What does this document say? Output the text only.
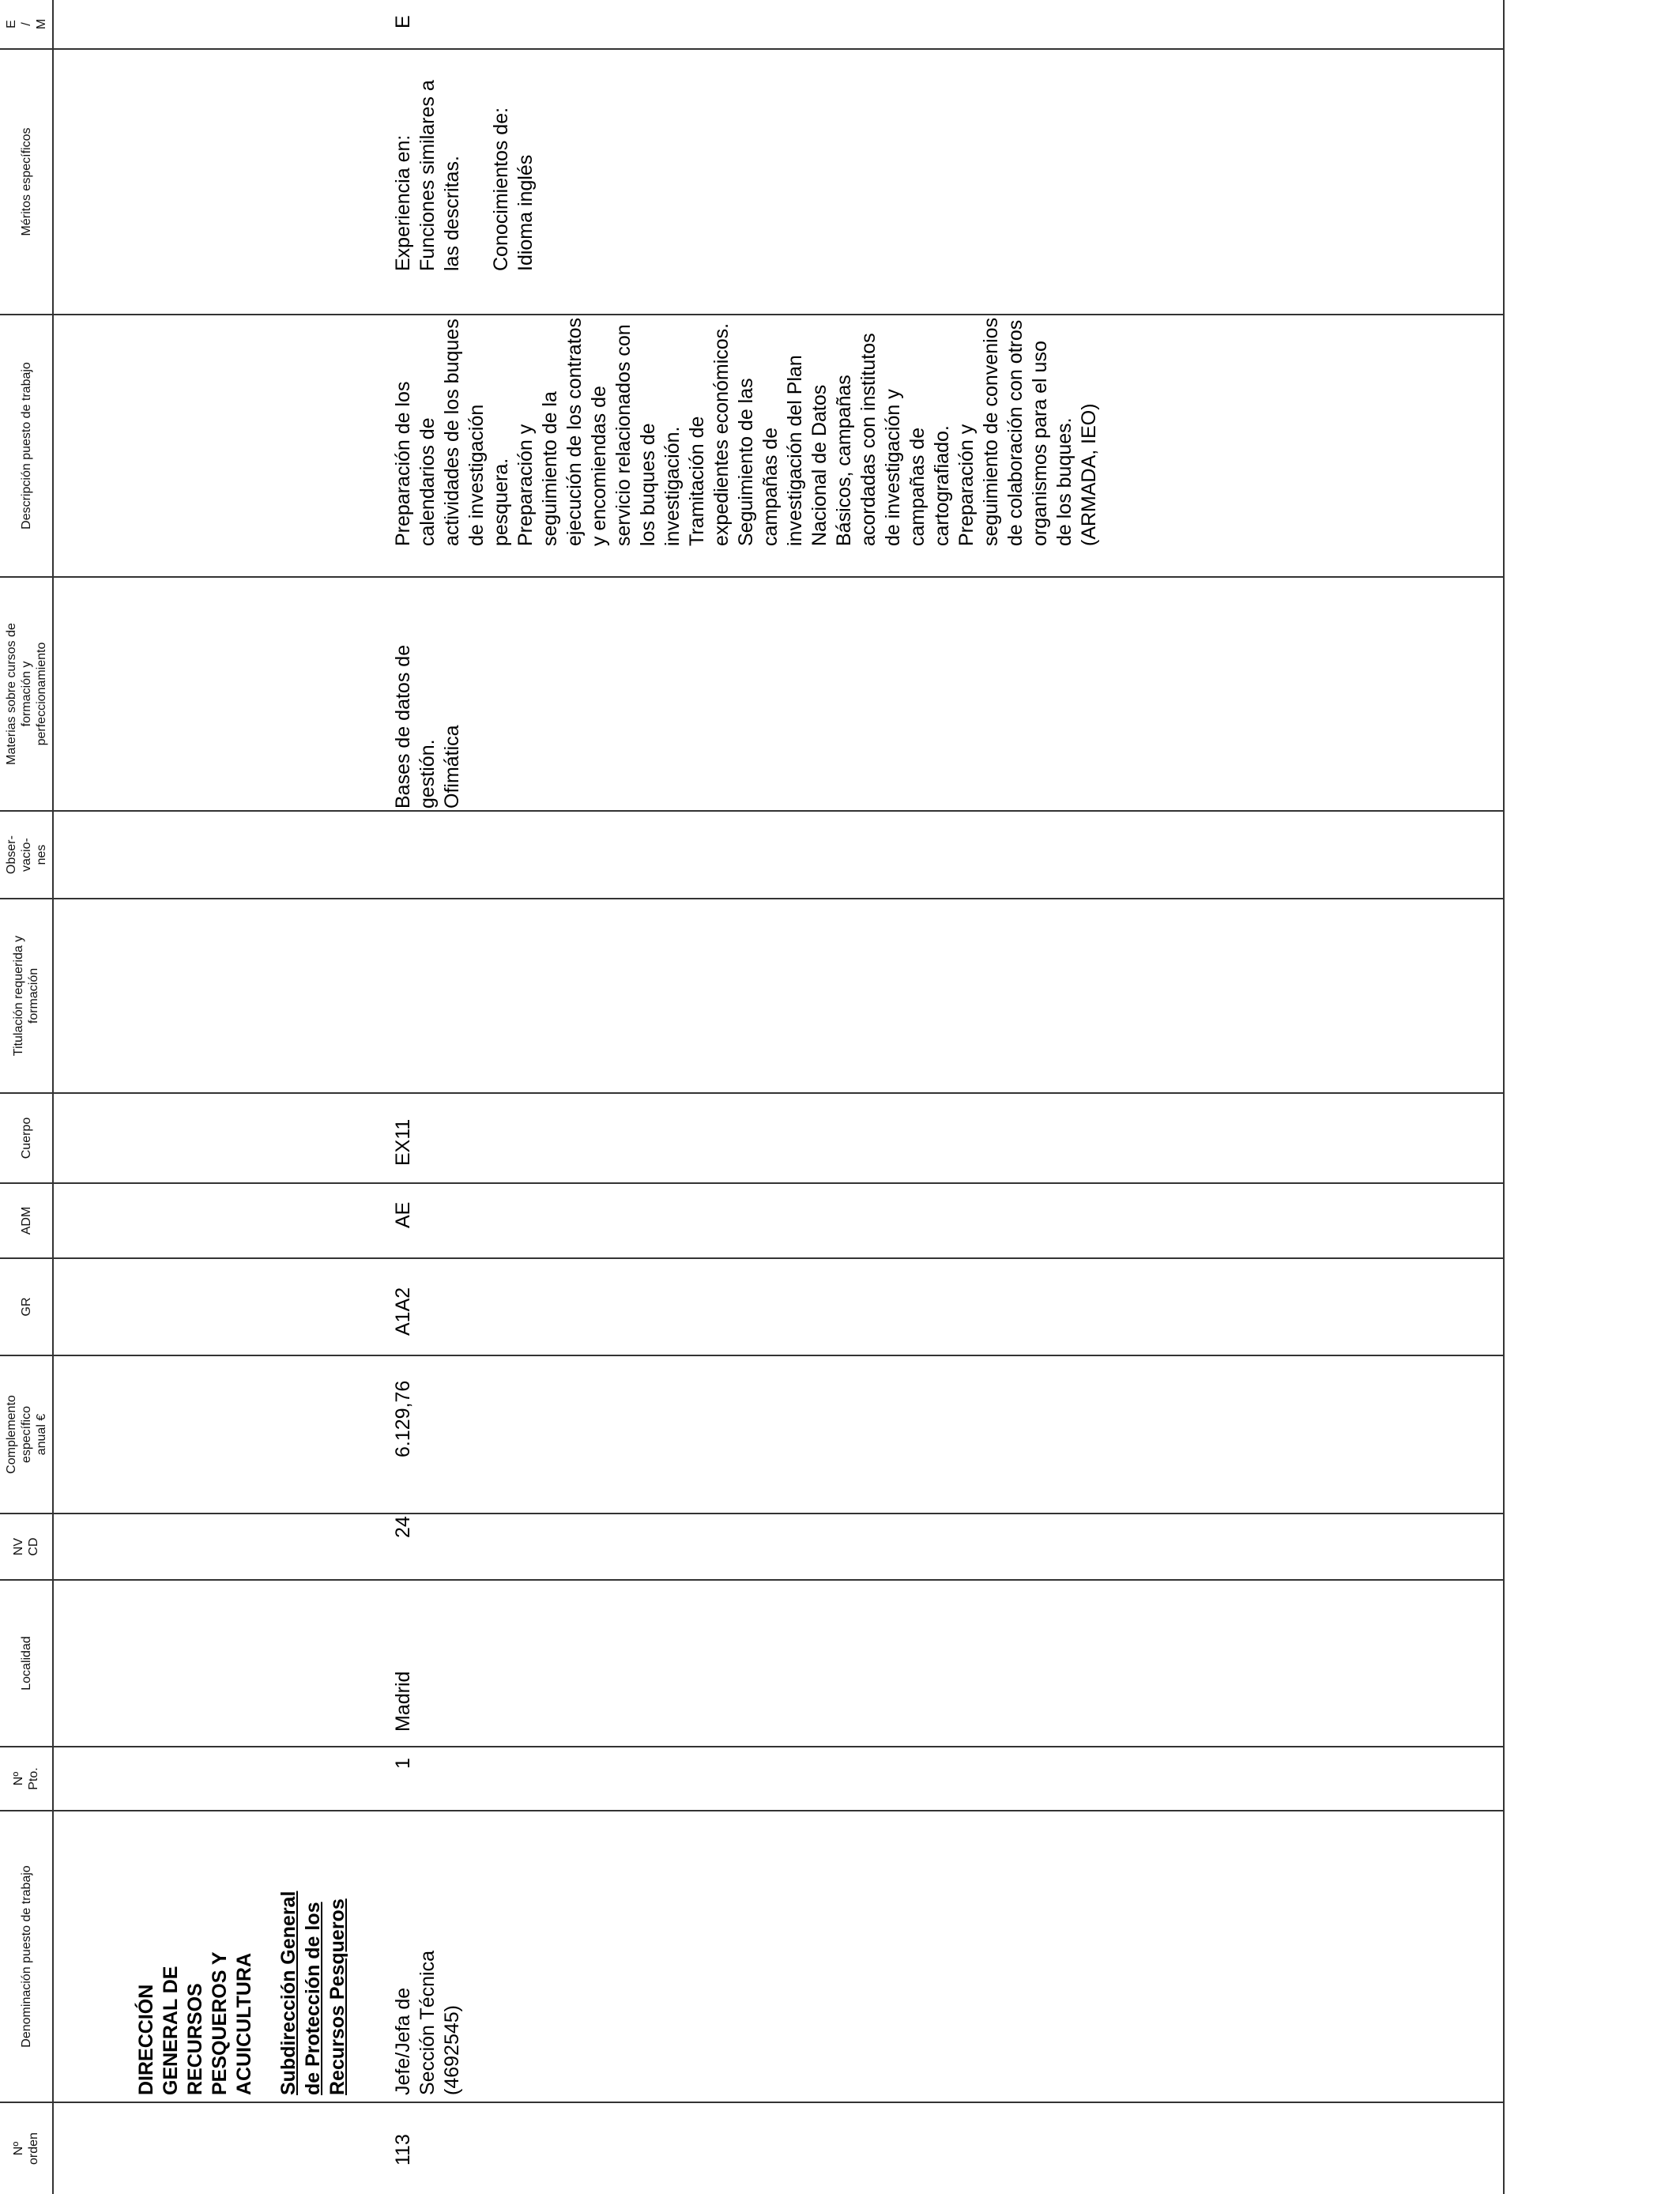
Nº
orden
Denominación puesto de trabajo
Nº
Pto.
Localidad
NV
CD
Complemento
específico
anual €
GR
ADM
Cuerpo
Titulación requerida y
formación
Obser-
vacio-
nes
Materias sobre cursos de
formación y
perfeccionamiento
Descripción puesto de trabajo
Méritos específicos
E
/
M
DIRECCIÓN GENERAL DE RECURSOS PESQUEROS Y ACUICULTURA Subdirección General de Protección de los Recursos Pesqueros
113
Jefe/Jefa de Sección Técnica (4692545)
1
Madrid
24
6.129,76
A1A2
AE
EX11

Bases de datos de gestión. Ofimática

Preparación de los calendarios de actividades de los buques de investigación pesquera. Preparación y seguimiento de la ejecución de los contratos y encomiendas de servicio relacionados con los buques de investigación. Tramitación de expedientes económicos. Seguimiento de las campañas de investigación del Plan Nacional de Datos Básicos, campañas acordadas con institutos de investigación y campañas de cartografiado. Preparación y seguimiento de convenios de colaboración con otros organismos para el uso de los buques. (ARMADA, IEO)

Experiencia en: Funciones similares a las descritas. Conocimientos de: Idioma inglés

E
